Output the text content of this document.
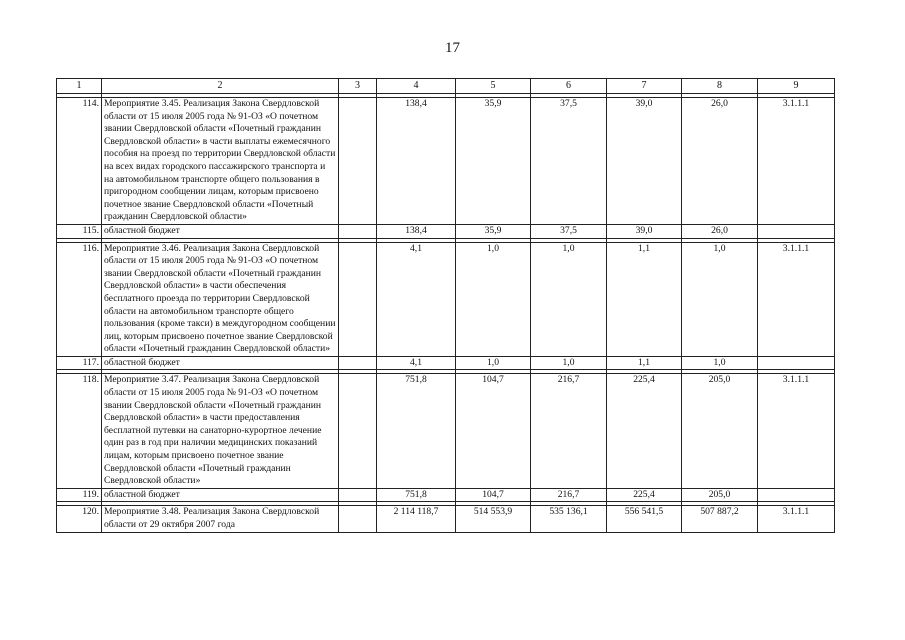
17
1	2	3	4	5	6	7	8	9

114.	Мероприятие 3.45. Реализация Закона Свердловской области от 15 июля 2005 года № 91-ОЗ «О почетном звании Свердловской области «Почетный гражданин Свердловской области» в части выплаты ежемесячного пособия на проезд по территории Свердловской области на всех видах городского пассажирского транспорта и на автомобильном транспорте общего пользования в пригородном сообщении лицам, которым присвоено почетное звание Свердловской области «Почетный гражданин Свердловской области»		138,4	35,9	37,5	39,0	26,0	3.1.1.1
115.	областной бюджет		138,4	35,9	37,5	39,0	26,0	

116.	Мероприятие 3.46. Реализация Закона Свердловской области от 15 июля 2005 года № 91-ОЗ «О почетном звании Свердловской области «Почетный гражданин Свердловской области» в части обеспечения бесплатного проезда по территории Свердловской области на автомобильном транспорте общего пользования (кроме такси) в междугородном сообщении лиц, которым присвоено почетное звание Свердловской области «Почетный гражданин Свердловской области»		4,1	1,0	1,0	1,1	1,0	3.1.1.1
117.	областной бюджет		4,1	1,0	1,0	1,1	1,0	

118.	Мероприятие 3.47. Реализация Закона Свердловской области от 15 июля 2005 года № 91-ОЗ «О почетном звании Свердловской области «Почетный гражданин Свердловской области» в части предоставления бесплатной путевки на санаторно-курортное лечение один раз в год при наличии медицинских показаний лицам, которым присвоено почетное звание Свердловской области «Почетный гражданин Свердловской области»		751,8	104,7	216,7	225,4	205,0	3.1.1.1
119.	областной бюджет		751,8	104,7	216,7	225,4	205,0	

120.	Мероприятие 3.48. Реализация Закона Свердловской области от 29 октября 2007 года		2 114 118,7	514 553,9	535 136,1	556 541,5	507 887,2	3.1.1.1
